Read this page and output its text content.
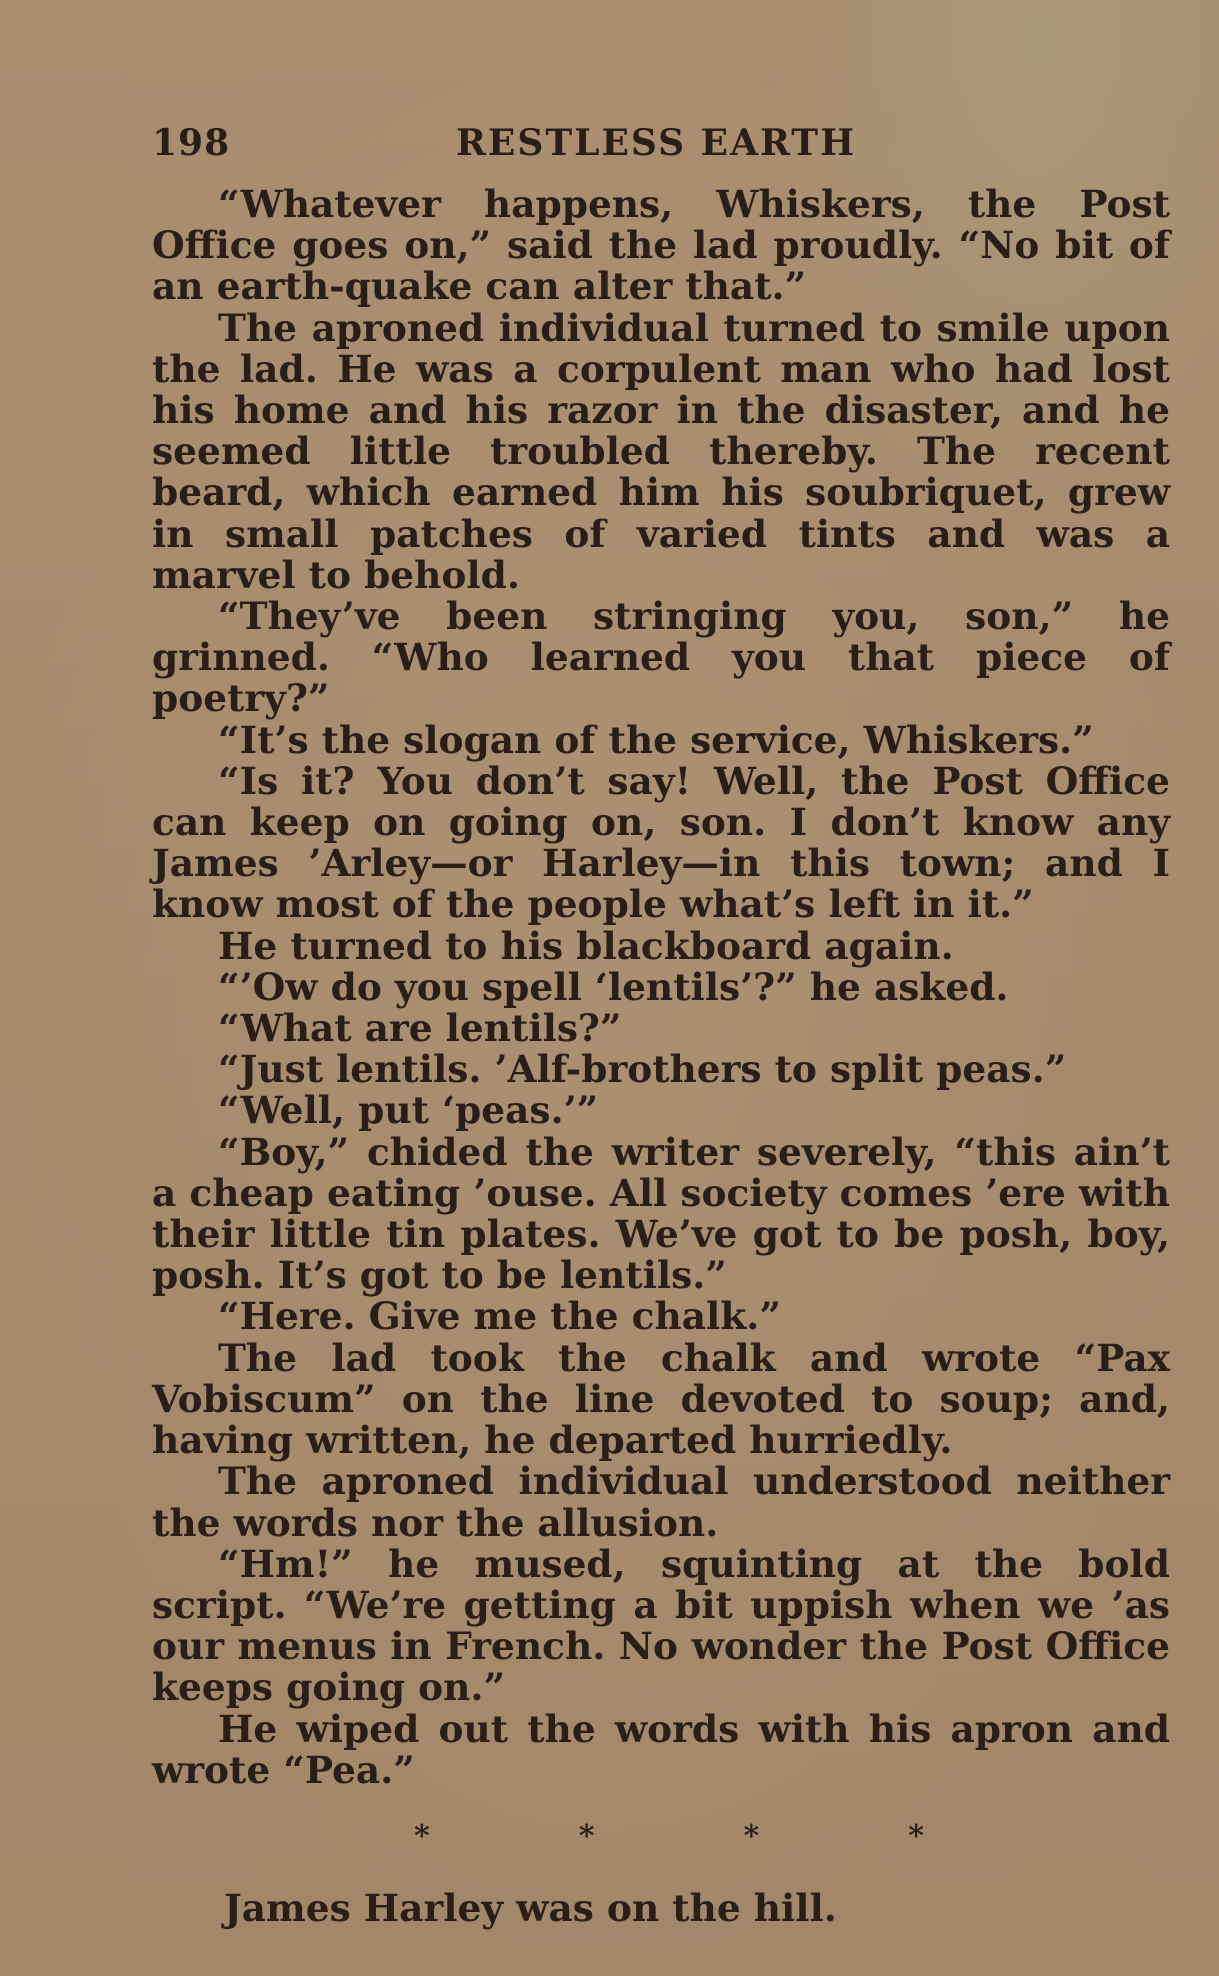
198	RESTLESS EARTH

“Whatever happens, Whiskers, the Post Office goes on,” said the lad proudly. “No bit of an earth-quake can alter that.”

The aproned individual turned to smile upon the lad. He was a corpulent man who had lost his home and his razor in the disaster, and he seemed little troubled thereby. The recent beard, which earned him his soubriquet, grew in small patches of varied tints and was a marvel to behold.

“They’ve been stringing you, son,” he grinned. “Who learned you that piece of poetry?”

“It’s the slogan of the service, Whiskers.”

“Is it? You don’t say! Well, the Post Office can keep on going on, son. I don’t know any James ’Arley—or Harley—in this town; and I know most of the people what’s left in it.”

He turned to his blackboard again.

“’Ow do you spell ‘lentils’?” he asked.

“What are lentils?”

“Just lentils. ’Alf-brothers to split peas.”

“Well, put ‘peas.’”

“Boy,” chided the writer severely, “this ain’t a cheap eating ’ouse. All society comes ’ere with their little tin plates. We’ve got to be posh, boy, posh. It’s got to be lentils.”

“Here. Give me the chalk.”

The lad took the chalk and wrote “Pax Vobiscum” on the line devoted to soup; and, having written, he departed hurriedly.

The aproned individual understood neither the words nor the allusion.

“Hm!” he mused, squinting at the bold script. “We’re getting a bit uppish when we ’as our menus in French. No wonder the Post Office keeps going on.”

He wiped out the words with his apron and wrote “Pea.”

*	*	*	*

James Harley was on the hill.
